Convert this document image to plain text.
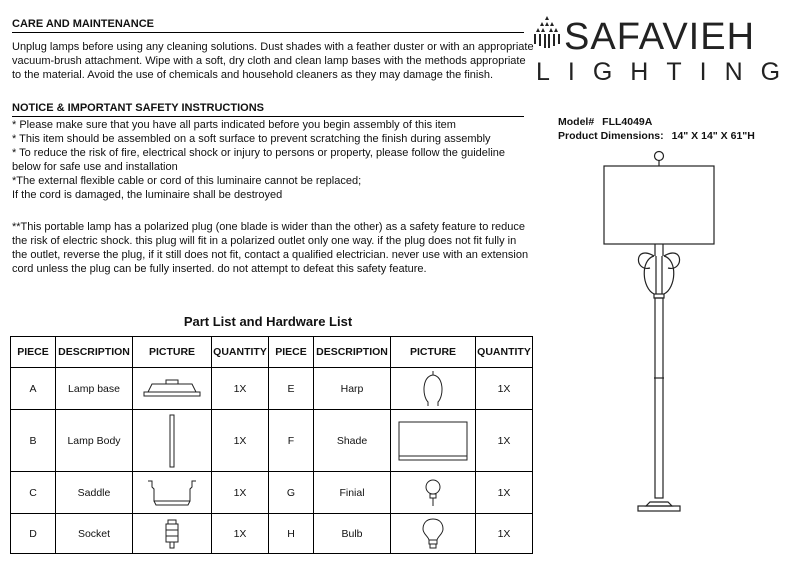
CARE AND MAINTENANCE

Unplug lamps before using any cleaning solutions. Dust shades with a feather duster or with an appropriate
vacuum-brush attachment. Wipe with a soft, dry cloth and clean lamp bases with the methods appropriate
to the material. Avoid the use of chemicals and household cleaners as they may damage the finish.

NOTICE & IMPORTANT SAFETY INSTRUCTIONS

* Please make sure that you have all parts indicated before you begin assembly of this item
* This item should be assembled on a soft surface to prevent scratching the finish during assembly
* To reduce the risk of fire, electrical shock or injury to persons or property, please follow the guideline
below for safe use and installation
*The external flexible cable or cord of this luminaire cannot be replaced;
If the cord is damaged, the luminaire shall be destroyed

**This portable lamp has a polarized plug (one blade is wider than the other) as a safety feature to reduce
the risk of electric shock. this plug will fit in a polarized outlet only one way. if the plug does not fit fully in
the outlet, reverse the plug, if it still does not fit, contact a qualified electrician. never use with an extension
cord unless the plug can be fully inserted. do not attempt to defeat this safety feature.

SAFAVIEH
LIGHTING
Model# FLL4049A
Product Dimensions: 14" X 14" X 61"H
Part List and Hardware List
PIECE	DESCRIPTION	PICTURE	QUANTITY	PIECE	DESCRIPTION	PICTURE	QUANTITY
A	Lamp base		1X	E	Harp		1X
B	Lamp Body		1X	F	Shade		1X
C	Saddle		1X	G	Finial		1X
D	Socket		1X	H	Bulb		1X
